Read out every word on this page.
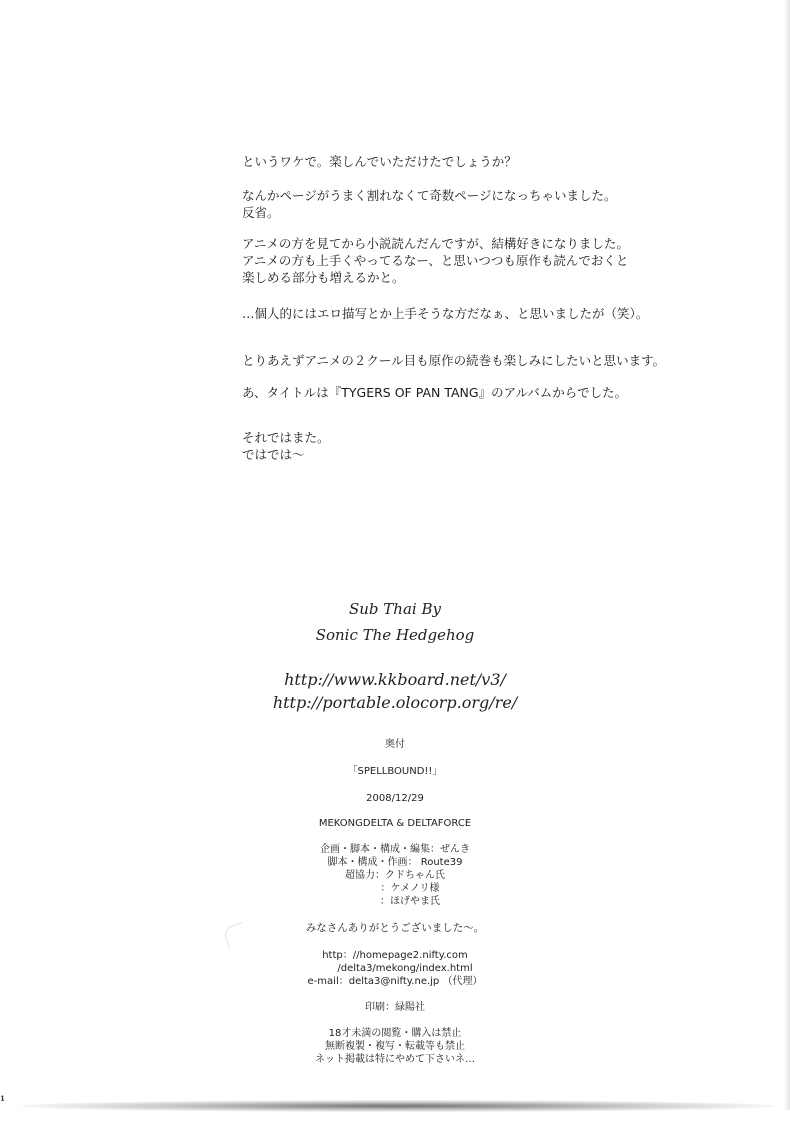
というワケで。楽しんでいただけたでしょうか？

なんかページがうまく割れなくて奇数ページになっちゃいました。
反省。

アニメの方を見てから小説読んだんですが、結構好きになりました。
アニメの方も上手くやってるなー、と思いつつも原作も読んでおくと
楽しめる部分も増えるかと。

…個人的にはエロ描写とか上手そうな方だなぁ、と思いましたが（笑）。

とりあえずアニメの２クール目も原作の続巻も楽しみにしたいと思います。

あ、タイトルは『TYGERS OF PAN TANG』のアルバムからでした。

それではまた。
ではでは～

Sub Thai By
Sonic The Hedgehog
http://www.kkboard.net/v3/
http://portable.olocorp.org/re/
奥付
「SPELLBOUND!!」
2008/12/29
MEKONGDELTA & DELTAFORCE
企画・脚本・構成・編集：ぜんき
脚本・構成・作画： Route39
超協力：クドちゃん氏
　　　：ケメノリ様
　　　：ほげやま氏
みなさんありがとうございました～。
http：//homepage2.nifty.com
　　/delta3/mekong/index.html
e-mail：delta3@nifty.ne.jp （代理）
印刷：緑陽社
18才未満の閲覧・購入は禁止
無断複製・複写・転載等も禁止
ネット掲載は特にやめて下さいネ…
1
